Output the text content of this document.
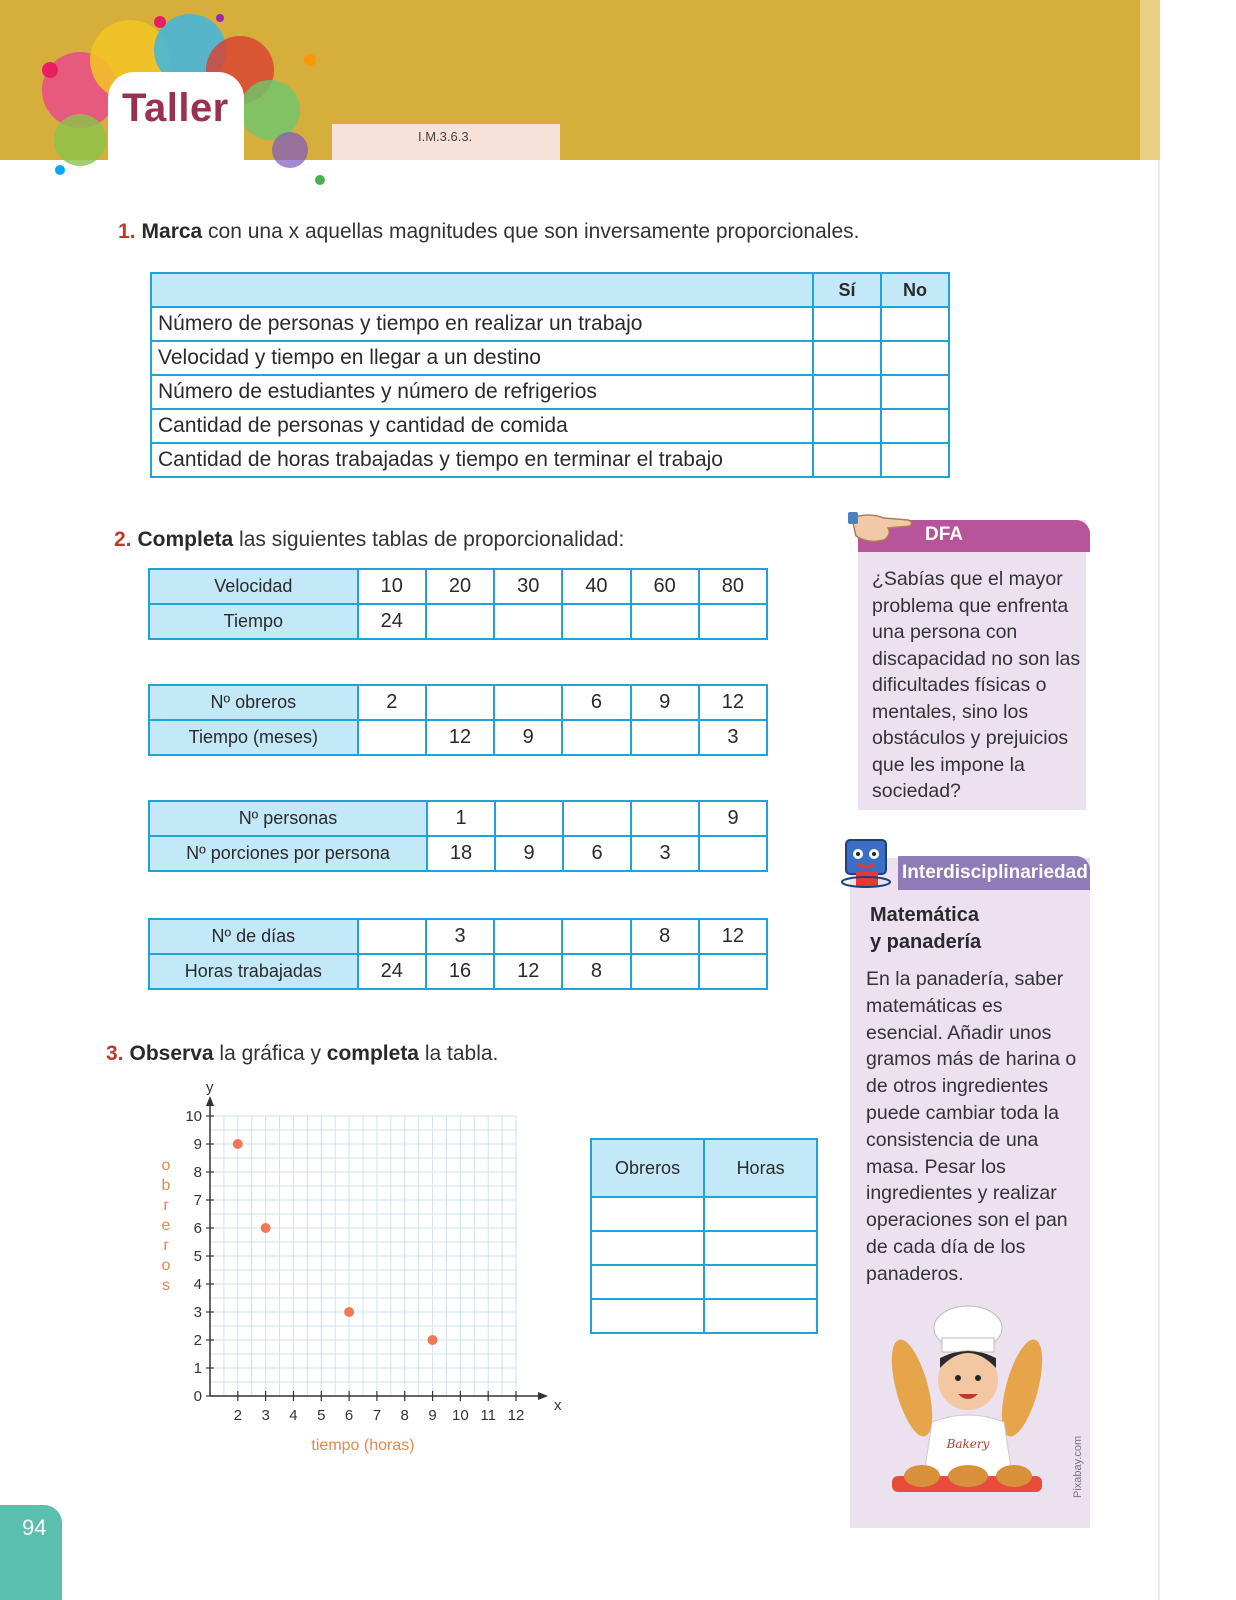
Taller
I.M.3.6.3.
1. Marca con una x aquellas magnitudes que son inversamente proporcionales.
	Sí	No
Número de personas y tiempo en realizar un trabajo		
Velocidad y tiempo en llegar a un destino		
Número de estudiantes y número de refrigerios		
Cantidad de personas y cantidad de comida		
Cantidad de horas trabajadas y tiempo en terminar el trabajo		
2. Completa las siguientes tablas de proporcionalidad:
Velocidad	10	20	30	40	60	80
Tiempo	24					
Nº obreros	2			6	9	12
Tiempo (meses)		12	9			3
Nº personas	1				9
Nº porciones por persona	18	9	6	3	
Nº de días		3			8	12
Horas trabajadas	24	16	12	8		
3. Observa la gráfica y completa la tabla.
x
y
2 3 4 5 6 7 8 9 10 11 12
0
1
2
3
4
5
6
7
8
9
10
tiempo (horas)
o b r e r o s
Obreros	Horas

DFA
¿Sabías que el mayor problema que enfrenta una persona con discapacidad no son las dificultades físicas o mentales, sino los obstáculos y prejuicios que les impone la sociedad?
Interdisciplinariedad
Matemática
y panadería
En la panadería, saber matemáticas es esencial. Añadir unos gramos más de harina o de otros ingredientes puede cambiar toda la consistencia de una masa. Pesar los ingredientes y realizar operaciones son el pan de cada día de los panaderos.
Bakery	Pixabay.com
94
